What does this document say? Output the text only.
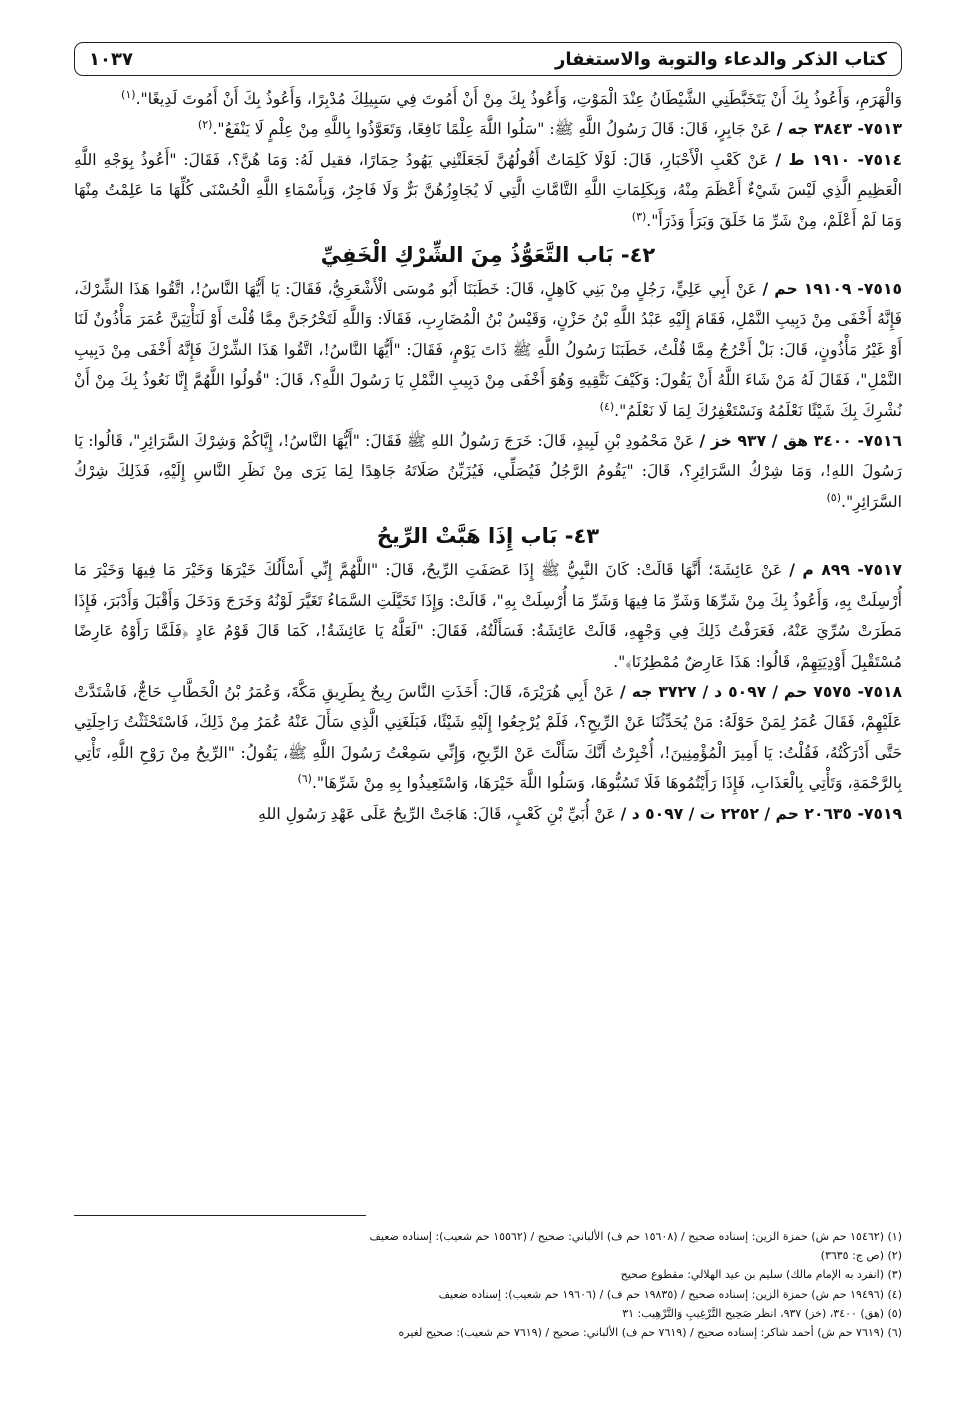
كتاب الذكر والدعاء والتوبة والاستغفار
١٠٣٧

وَالْهَرَمِ، وَأَعُوذُ بِكَ أَنْ يَتَخَبَّطَنِي الشَّيْطَانُ عِنْدَ الْمَوْتِ، وَأَعُوذُ بِكَ مِنْ أَنْ أَمُوتَ فِي سَبِيلِكَ مُدْبِرًا، وَأَعُوذُ بِكَ أَنْ أَمُوتَ لَدِيغًا".$^{(١)}$

٧٥١٣- ٣٨٤٣ جه / عَنْ جَابِرٍ، قَالَ: قَالَ رَسُولُ اللَّهِ ﷺ: "سَلُوا اللَّهَ عِلْمًا نَافِعًا، وَتَعَوَّذُوا بِاللَّهِ مِنْ عِلْمٍ لَا يَنْفَعُ".$^{(٢)}$

٧٥١٤- ١٩١٠ ط / عَنْ كَعْبِ الْأَحْبَارِ، قَالَ: لَوْلَا كَلِمَاتٌ أَقُولُهُنَّ لَجَعَلَتْنِي يَهُودُ حِمَارًا، فقيل لَهُ: وَمَا هُنَّ؟، فَقَالَ: "أَعُوذُ بِوَجْهِ اللَّهِ الْعَظِيمِ الَّذِي لَيْسَ شَيْءٌ أَعْظَمَ مِنْهُ، وَبِكَلِمَاتِ اللَّهِ التَّامَّاتِ الَّتِي لَا يُجَاوِزُهُنَّ بَرٌّ وَلَا فَاجِرٌ، وَبِأَسْمَاءِ اللَّهِ الْحُسْنَى كُلِّهَا مَا عَلِمْتُ مِنْهَا وَمَا لَمْ أَعْلَمْ، مِنْ شَرِّ مَا خَلَقَ وَبَرَأَ وَذَرَأَ".$^{(٣)}$

٤٢- بَاب التَّعَوُّذُ مِنَ الشِّرْكِ الْخَفِيِّ

٧٥١٥- ١٩١٠٩ حم / عَنْ أَبِي عَلِيٍّ، رَجُلٍ مِنْ بَنِي كَاهِلٍ، قَالَ: خَطَبَنَا أَبُو مُوسَى الْأَشْعَرِيُّ، فَقَالَ: يَا أَيُّهَا النَّاسُ!، اتَّقُوا هَذَا الشِّرْكَ، فَإِنَّهُ أَخْفَى مِنْ دَبِيبِ النَّمْلِ، فَقَامَ إِلَيْهِ عَبْدُ اللَّهِ بْنُ حَزْنٍ، وَقَيْسُ بْنُ الْمُضَارِبِ، فَقَالَا: وَاللَّهِ لَتَخْرُجَنَّ مِمَّا قُلْتَ أَوْ لَنَأْتِيَنَّ عُمَرَ مَأْذُونٌ لَنَا أَوْ غَيْرُ مَأْذُونٍ، قَالَ: بَلْ أَخْرُجُ مِمَّا قُلْتُ، خَطَبَنَا رَسُولُ اللَّهِ ﷺ ذَاتَ يَوْمٍ، فَقَالَ: "أَيُّهَا النَّاسُ!، اتَّقُوا هَذَا الشِّرْكَ فَإِنَّهُ أَخْفَى مِنْ دَبِيبِ النَّمْلِ"، فَقَالَ لَهُ مَنْ شَاءَ اللَّهُ أَنْ يَقُولَ: وَكَيْفَ نَتَّقِيهِ وَهُوَ أَخْفَى مِنْ دَبِيبِ النَّمْلِ يَا رَسُولَ اللَّهِ؟، قَالَ: "قُولُوا اللَّهُمَّ إِنَّا نَعُوذُ بِكَ مِنْ أَنْ نُشْرِكَ بِكَ شَيْئًا نَعْلَمُهُ وَنَسْتَغْفِرُكَ لِمَا لَا نَعْلَمُ".$^{(٤)}$

٧٥١٦- ٣٤٠٠ هق / ٩٣٧ خز / عَنْ مَحْمُودِ بْنِ لَبِيدٍ، قَالَ: خَرَجَ رَسُولُ اللهِ ﷺ فَقَالَ: "أَيُّهَا النَّاسُ!، إِيَّاكُمْ وَشِرْكَ السَّرَائِرِ"، قَالُوا: يَا رَسُولَ اللهِ!، وَمَا شِرْكُ السَّرَائِرِ؟، قَالَ: "يَقُومُ الرَّجُلُ فَيُصَلِّي، فَيُزَيِّنُ صَلَاتَهُ جَاهِدًا لِمَا يَرَى مِنْ نَظَرِ النَّاسِ إِلَيْهِ، فَذَلِكَ شِرْكُ السَّرَائِرِ".$^{(٥)}$

٤٣- بَاب إِذَا هَبَّتْ الرِّيحُ

٧٥١٧- ٨٩٩ م / عَنْ عَائِشَةَ؛ أَنَّهَا قَالَتْ: كَانَ النَّبِيُّ ﷺ إِذَا عَصَفَتِ الرِّيحُ، قَالَ: "اللَّهُمَّ إِنِّي أَسْأَلُكَ خَيْرَهَا وَخَيْرَ مَا فِيهَا وَخَيْرَ مَا أُرْسِلَتْ بِهِ، وَأَعُوذُ بِكَ مِنْ شَرِّهَا وَشَرِّ مَا فِيهَا وَشَرِّ مَا أُرْسِلَتْ بِهِ"، قَالَتْ: وَإِذَا تَخَيَّلَتِ السَّمَاءُ تَغَيَّرَ لَوْنُهُ وَخَرَجَ وَدَخَلَ وَأَقْبَلَ وَأَدْبَرَ، فَإِذَا مَطَرَتْ سُرِّيَ عَنْهُ، فَعَرَفْتُ ذَلِكَ فِي وَجْهِهِ، قَالَتْ عَائِشَةُ: فَسَأَلْتُهُ، فَقَالَ: "لَعَلَّهُ يَا عَائِشَةُ!، كَمَا قَالَ قَوْمُ عَادٍ ﴿فَلَمَّا رَأَوْهُ عَارِضًا مُسْتَقْبِلَ أَوْدِيَتِهِمْ، قَالُوا: هَذَا عَارِضٌ مُمْطِرُنَا﴾".

٧٥١٨- ٧٥٧٥ حم / ٥٠٩٧ د / ٣٧٢٧ جه / عَنْ أَبِي هُرَيْرَةَ، قَالَ: أَخَذَتِ النَّاسَ رِيحٌ بِطَرِيقِ مَكَّةَ، وَعُمَرُ بْنُ الْخَطَّابِ حَاجٌّ، فَاشْتَدَّتْ عَلَيْهِمْ، فَقَالَ عُمَرُ لِمَنْ حَوْلَهُ: مَنْ يُحَدِّثُنَا عَنْ الرِّيحِ؟، فَلَمْ يُرْجِعُوا إِلَيْهِ شَيْئًا، فَبَلَغَنِي الَّذِي سَأَلَ عَنْهُ عُمَرُ مِنْ ذَلِكَ، فَاسْتَحْثَثْتُ رَاحِلَتِي حَتَّى أَدْرَكْتُهُ، فَقُلْتُ: يَا أَمِيرَ الْمُؤْمِنِينَ!، أُخْبِرْتُ أَنَّكَ سَأَلْتَ عَنْ الرِّيحِ، وَإِنِّي سَمِعْتُ رَسُولَ اللَّهِ ﷺ، يَقُولُ: "الرِّيحُ مِنْ رَوْحِ اللَّهِ، تَأْتِي بِالرَّحْمَةِ، وَتَأْتِي بِالْعَذَابِ، فَإِذَا رَأَيْتُمُوهَا فَلَا تَسُبُّوهَا، وَسَلُوا اللَّهَ خَيْرَهَا، وَاسْتَعِيذُوا بِهِ مِنْ شَرِّهَا".$^{(٦)}$

٧٥١٩- ٢٠٦٣٥ حم / ٢٢٥٢ ت / ٥٠٩٧ د / عَنْ أُبَيِّ بْنِ كَعْبٍ، قَالَ: هَاجَتْ الرِّيحُ عَلَى عَهْدِ رَسُولِ اللهِ

(١) (١٥٤٦٢ حم ش) حمزة الزين: إسناده صحيح / (١٥٦٠٨ حم ف) الألباني: صحيح / (١٥٥٦٢ حم شعيب): إسناده ضعيف
(٢) (ص ج: ٣٦٣٥)
(٣) (انفرد به الإمام مالك) سليم بن عيد الهلالي: مقطوع صحيح
(٤) (١٩٤٩٦ حم ش) حمزة الزين: إسناده صحيح / (١٩٨٣٥ حم ف) / (١٩٦٠٦ حم شعيب): إسناده ضعيف
(٥) (هق) ٣٤٠٠، (خز) ٩٣٧، انظر صَحِيح التَّرْغِيبِ وَالتَّرْهِيب: ٣١
(٦) (٧٦١٩ حم ش) أحمد شاكر: إسناده صحيح / (٧٦١٩ حم ف) الألباني: صحيح / (٧٦١٩ حم شعيب): صحيح لغيره
